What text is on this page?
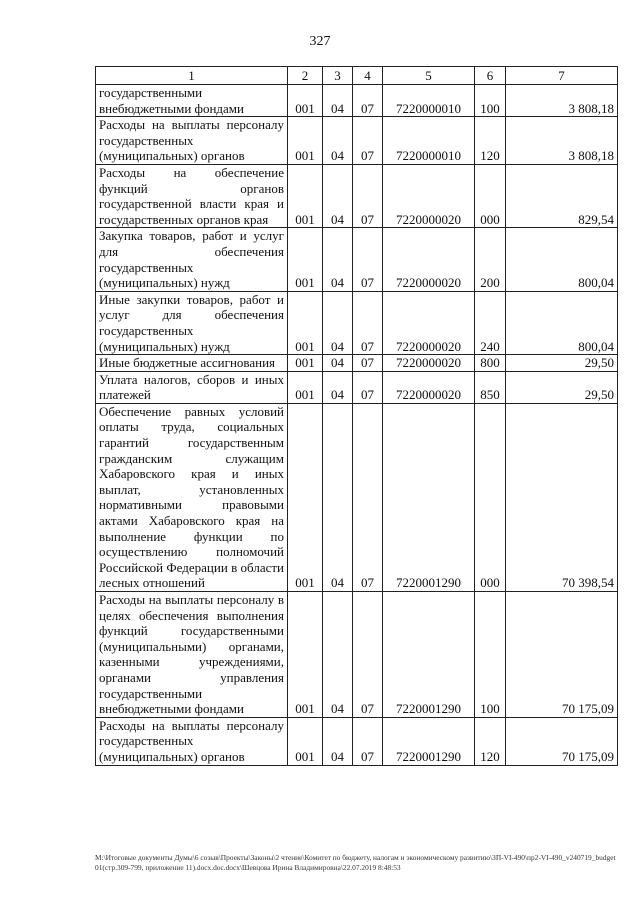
327
1	2	3	4	5	6	7
государственными внебюджетными фондами	001	04	07	7220000010	100	3 808,18
Расходы на выплаты персоналу государственных (муниципальных) органов	001	04	07	7220000010	120	3 808,18
Расходы на обеспечение функций органов государственной власти края и государственных органов края	001	04	07	7220000020	000	829,54
Закупка товаров, работ и услуг для обеспечения государственных (муниципальных) нужд	001	04	07	7220000020	200	800,04
Иные закупки товаров, работ и услуг для обеспечения государственных (муниципальных) нужд	001	04	07	7220000020	240	800,04
Иные бюджетные ассигнования	001	04	07	7220000020	800	29,50
Уплата налогов, сборов и иных платежей	001	04	07	7220000020	850	29,50
Обеспечение равных условий оплаты труда, социальных гарантий государственным гражданским служащим Хабаровского края и иных выплат, установленных нормативными правовыми актами Хабаровского края на выполнение функции по осуществлению полномочий Российской Федерации в области лесных отношений	001	04	07	7220001290	000	70 398,54
Расходы на выплаты персоналу в целях обеспечения выполнения функций государственными (муниципальными) органами, казенными учреждениями, органами управления государственными внебюджетными фондами	001	04	07	7220001290	100	70 175,09
Расходы на выплаты персоналу государственных (муниципальных) органов	001	04	07	7220001290	120	70 175,09
M:\Итоговые документы Думы\6 созыв\Проекты\Законы\2 чтение\Комитет по бюджету, налогам и экономическому развитию\ЗП-VI-490\пр2-VI-490_v240719_budget01(стр.309-799, приложение 11).docx.doc.docx\Шевцова Ирина Владимировна\22.07.2019 8:48:53
